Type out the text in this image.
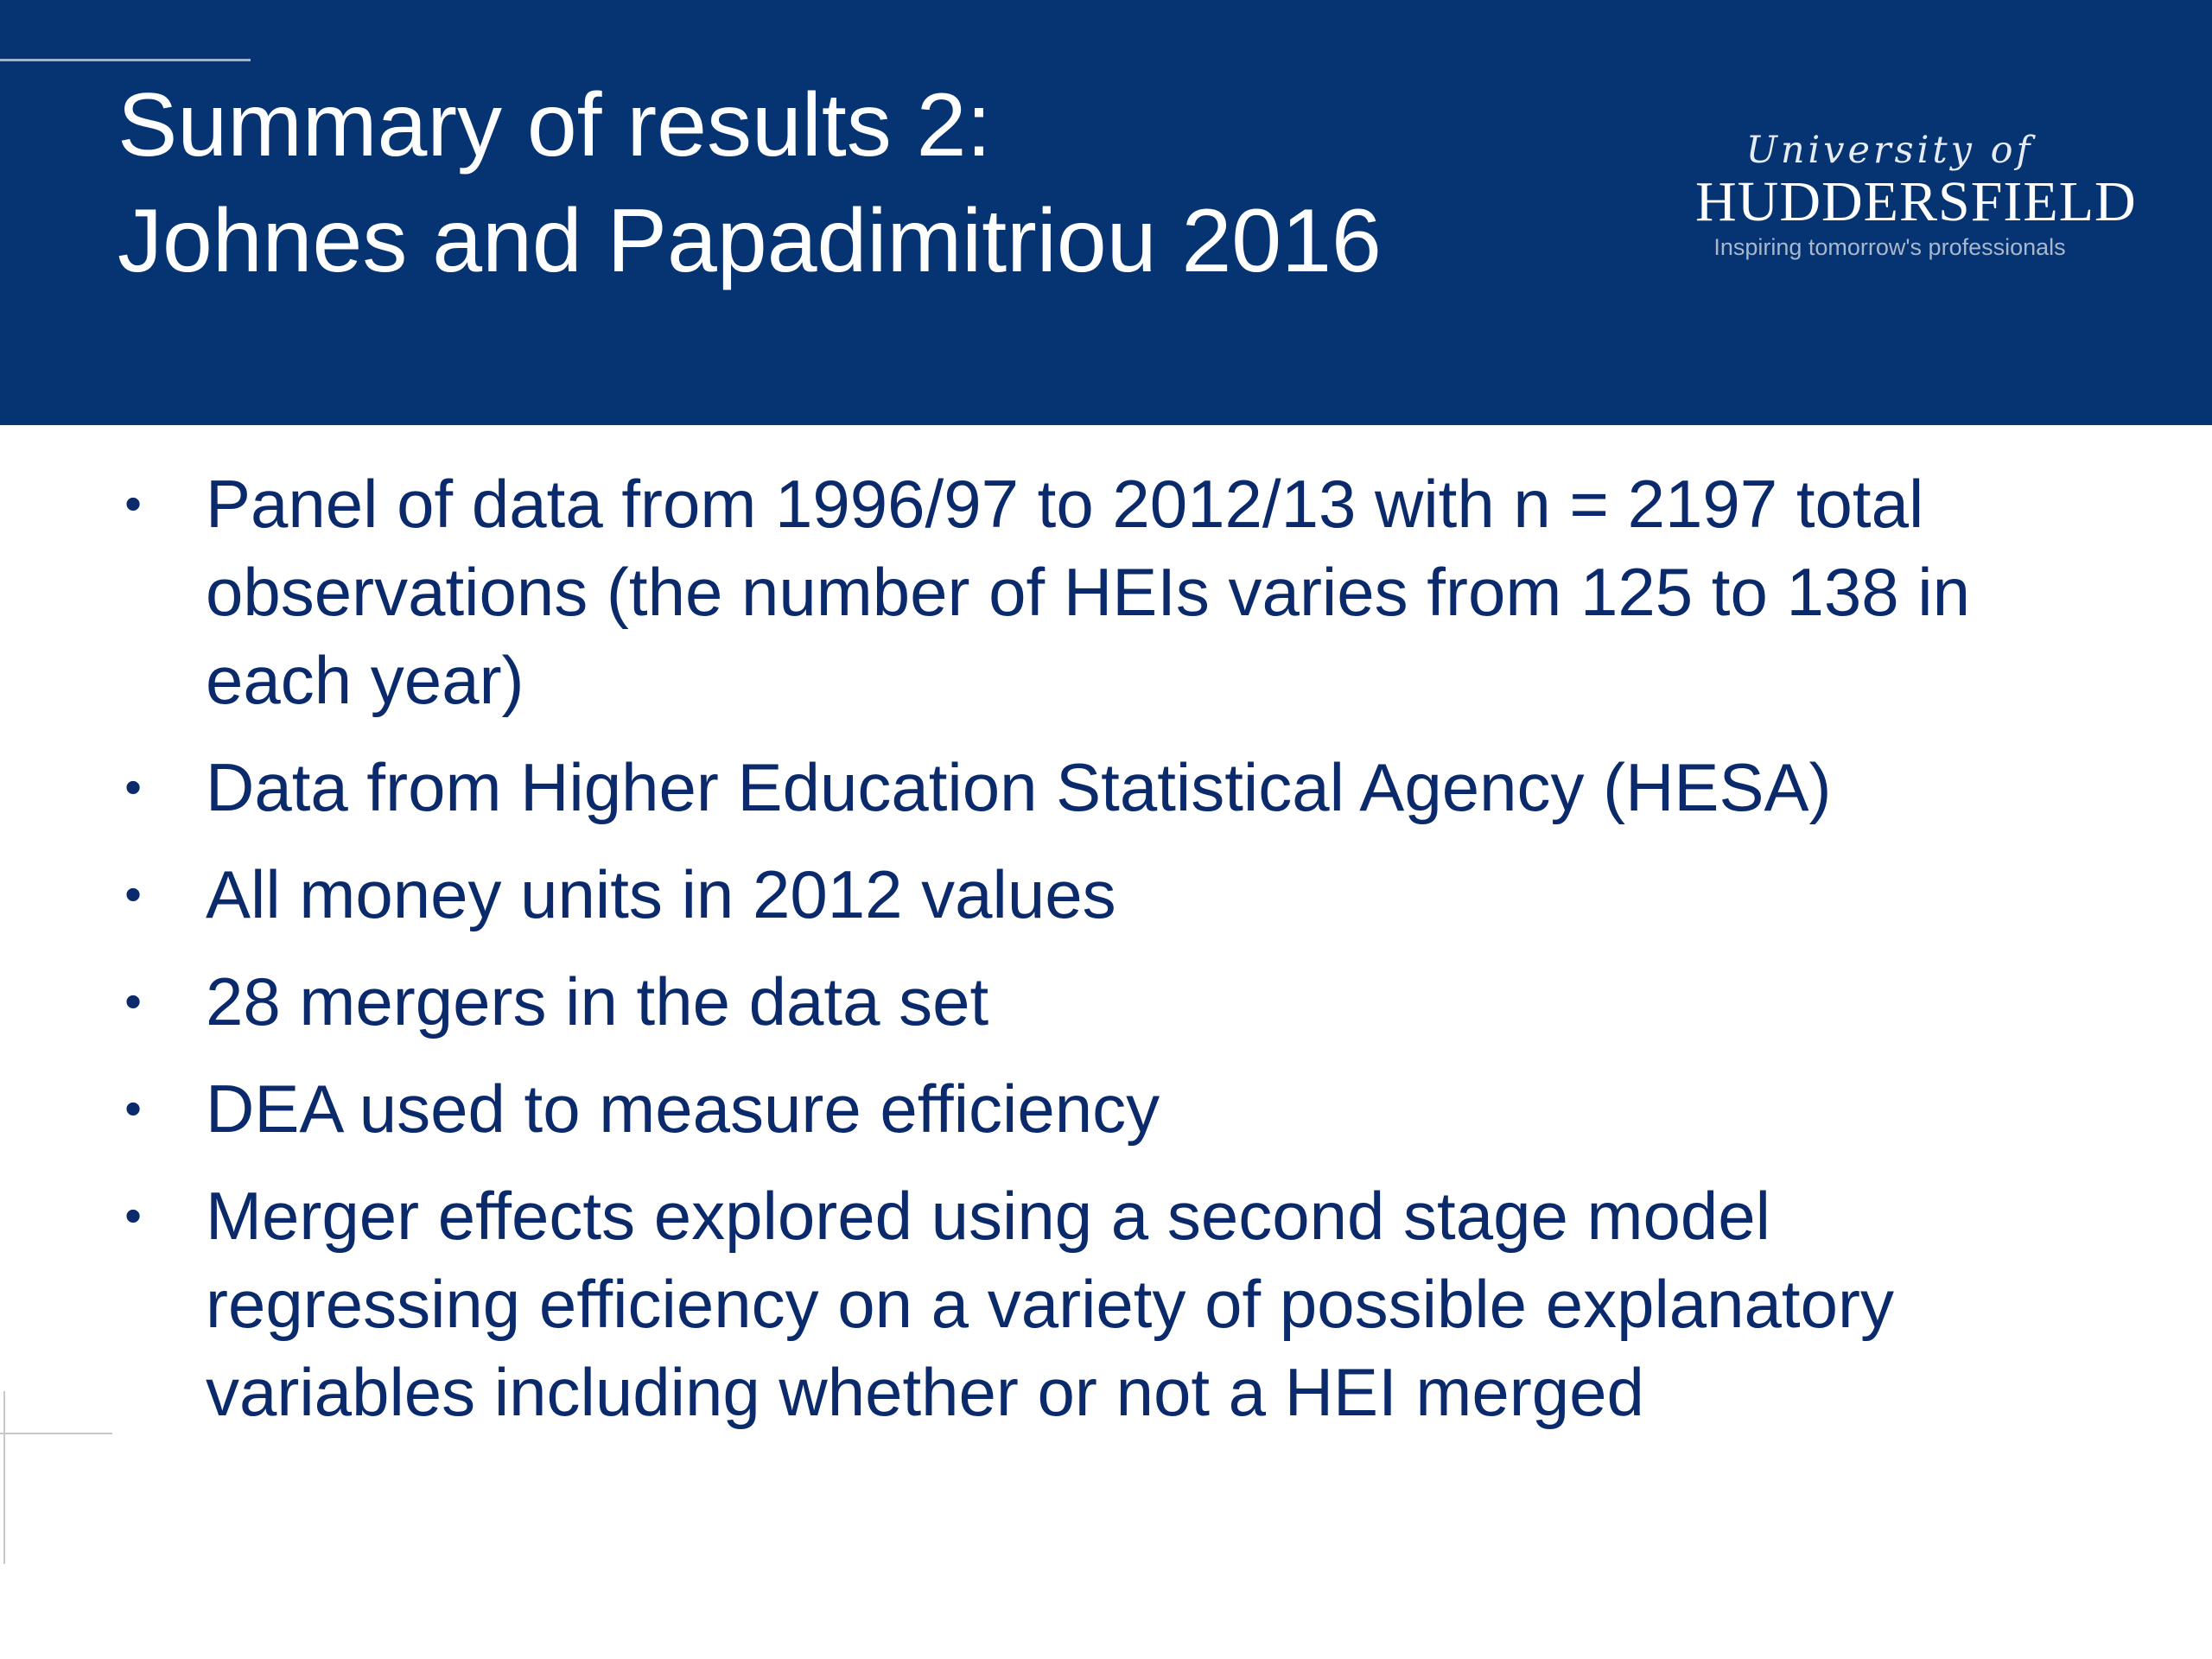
Summary of results 2:
Johnes and Papadimitriou 2016
University of
HUDDERSFIELD
Inspiring tomorrow's professionals
• Panel of data from 1996/97 to 2012/13 with n = 2197 total observations (the number of HEIs varies from 125 to 138 in each year)
• Data from Higher Education Statistical Agency (HESA)
• All money units in 2012 values
• 28 mergers in the data set
• DEA used to measure efficiency
• Merger effects explored using a second stage model regressing efficiency on a variety of possible explanatory variables including whether or not a HEI merged
